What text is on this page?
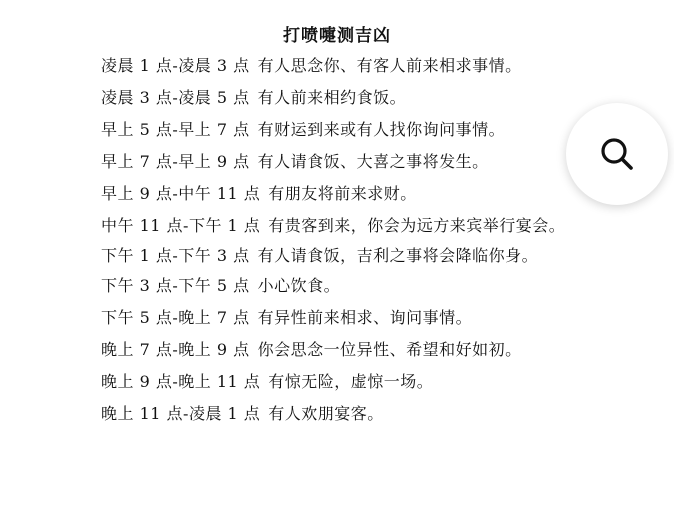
打喷嚏测吉凶
凌晨 1 点-凌晨 3 点 有人思念你、有客人前来相求事情。
凌晨 3 点-凌晨 5 点 有人前来相约食饭。
早上 5 点-早上 7 点 有财运到来或有人找你询问事情。
早上 7 点-早上 9 点 有人请食饭、大喜之事将发生。
早上 9 点-中午 11 点 有朋友将前来求财。
中午 11 点-下午 1 点 有贵客到来，你会为远方来宾举行宴会。
下午 1 点-下午 3 点 有人请食饭，吉利之事将会降临你身。
下午 3 点-下午 5 点 小心饮食。
下午 5 点-晚上 7 点 有异性前来相求、询问事情。
晚上 7 点-晚上 9 点 你会思念一位异性、希望和好如初。
晚上 9 点-晚上 11 点 有惊无险，虚惊一场。
晚上 11 点-凌晨 1 点 有人欢朋宴客。
